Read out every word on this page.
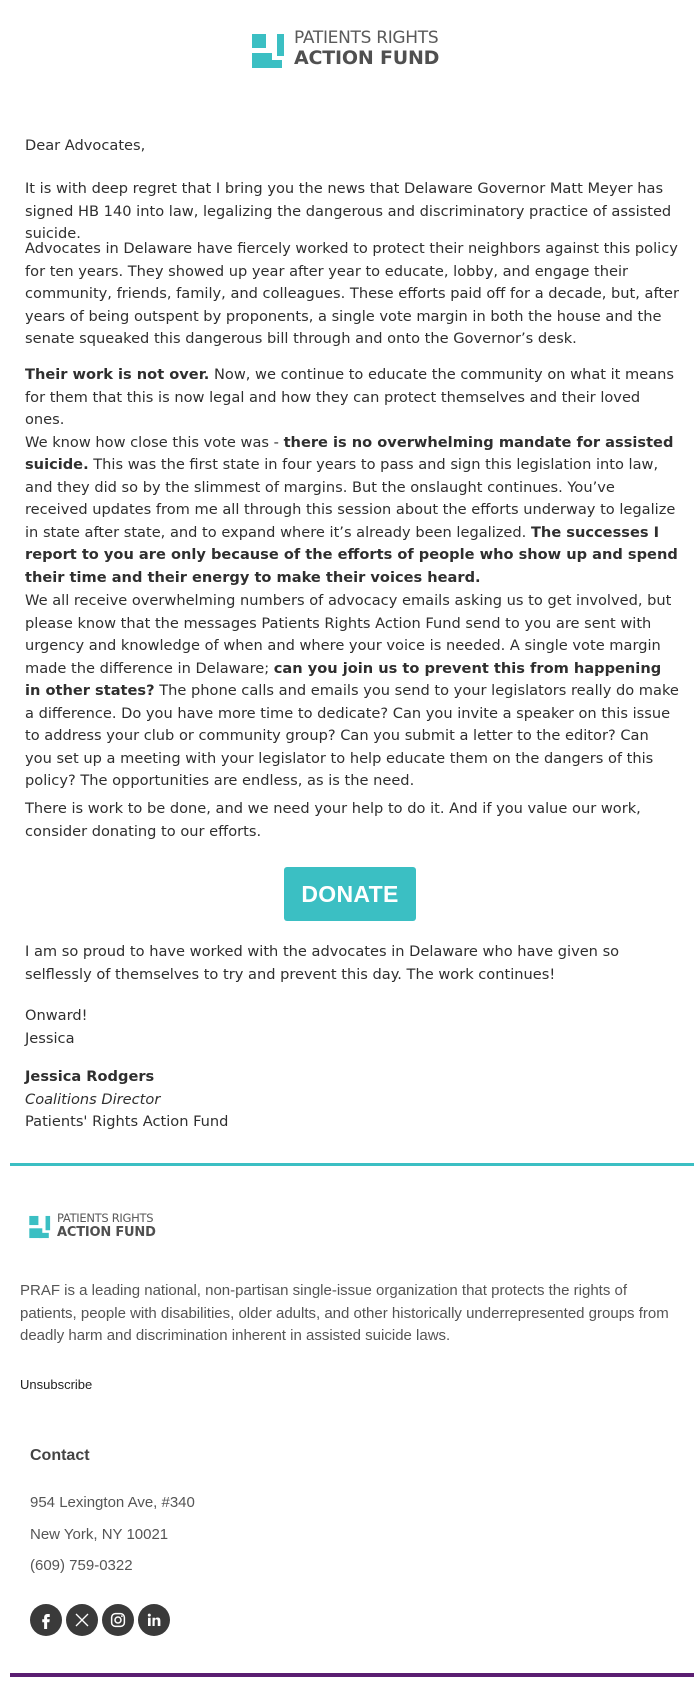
PATIENTS RIGHTS
ACTION FUND

Dear Advocates,

It is with deep regret that I bring you the news that Delaware Governor Matt Meyer has signed HB 140 into law, legalizing the dangerous and discriminatory practice of assisted suicide.

Advocates in Delaware have fiercely worked to protect their neighbors against this policy for ten years. They showed up year after year to educate, lobby, and engage their community, friends, family, and colleagues. These efforts paid off for a decade, but, after years of being outspent by proponents, a single vote margin in both the house and the senate squeaked this dangerous bill through and onto the Governor’s desk.

Their work is not over. Now, we continue to educate the community on what it means for them that this is now legal and how they can protect themselves and their loved ones.

We know how close this vote was - there is no overwhelming mandate for assisted suicide. This was the first state in four years to pass and sign this legislation into law, and they did so by the slimmest of margins. But the onslaught continues. You’ve received updates from me all through this session about the efforts underway to legalize in state after state, and to expand where it’s already been legalized. The successes I report to you are only because of the efforts of people who show up and spend their time and their energy to make their voices heard.

We all receive overwhelming numbers of advocacy emails asking us to get involved, but please know that the messages Patients Rights Action Fund send to you are sent with urgency and knowledge of when and where your voice is needed. A single vote margin made the difference in Delaware; can you join us to prevent this from happening in other states? The phone calls and emails you send to your legislators really do make a difference. Do you have more time to dedicate? Can you invite a speaker on this issue to address your club or community group? Can you submit a letter to the editor? Can you set up a meeting with your legislator to help educate them on the dangers of this policy? The opportunities are endless, as is the need.

There is work to be done, and we need your help to do it. And if you value our work, consider donating to our efforts.

DONATE

I am so proud to have worked with the advocates in Delaware who have given so selflessly of themselves to try and prevent this day. The work continues!

Onward!

Jessica

Jessica Rodgers

Coalitions Director

Patients' Rights Action Fund

PATIENTS RIGHTS
ACTION FUND
PRAF is a leading national, non-partisan single-issue organization that protects the rights of patients, people with disabilities, older adults, and other historically underrepresented groups from deadly harm and discrimination inherent in assisted suicide laws.
Unsubscribe
Contact
954 Lexington Ave, #340
New York, NY 10021
(609) 759-0322
